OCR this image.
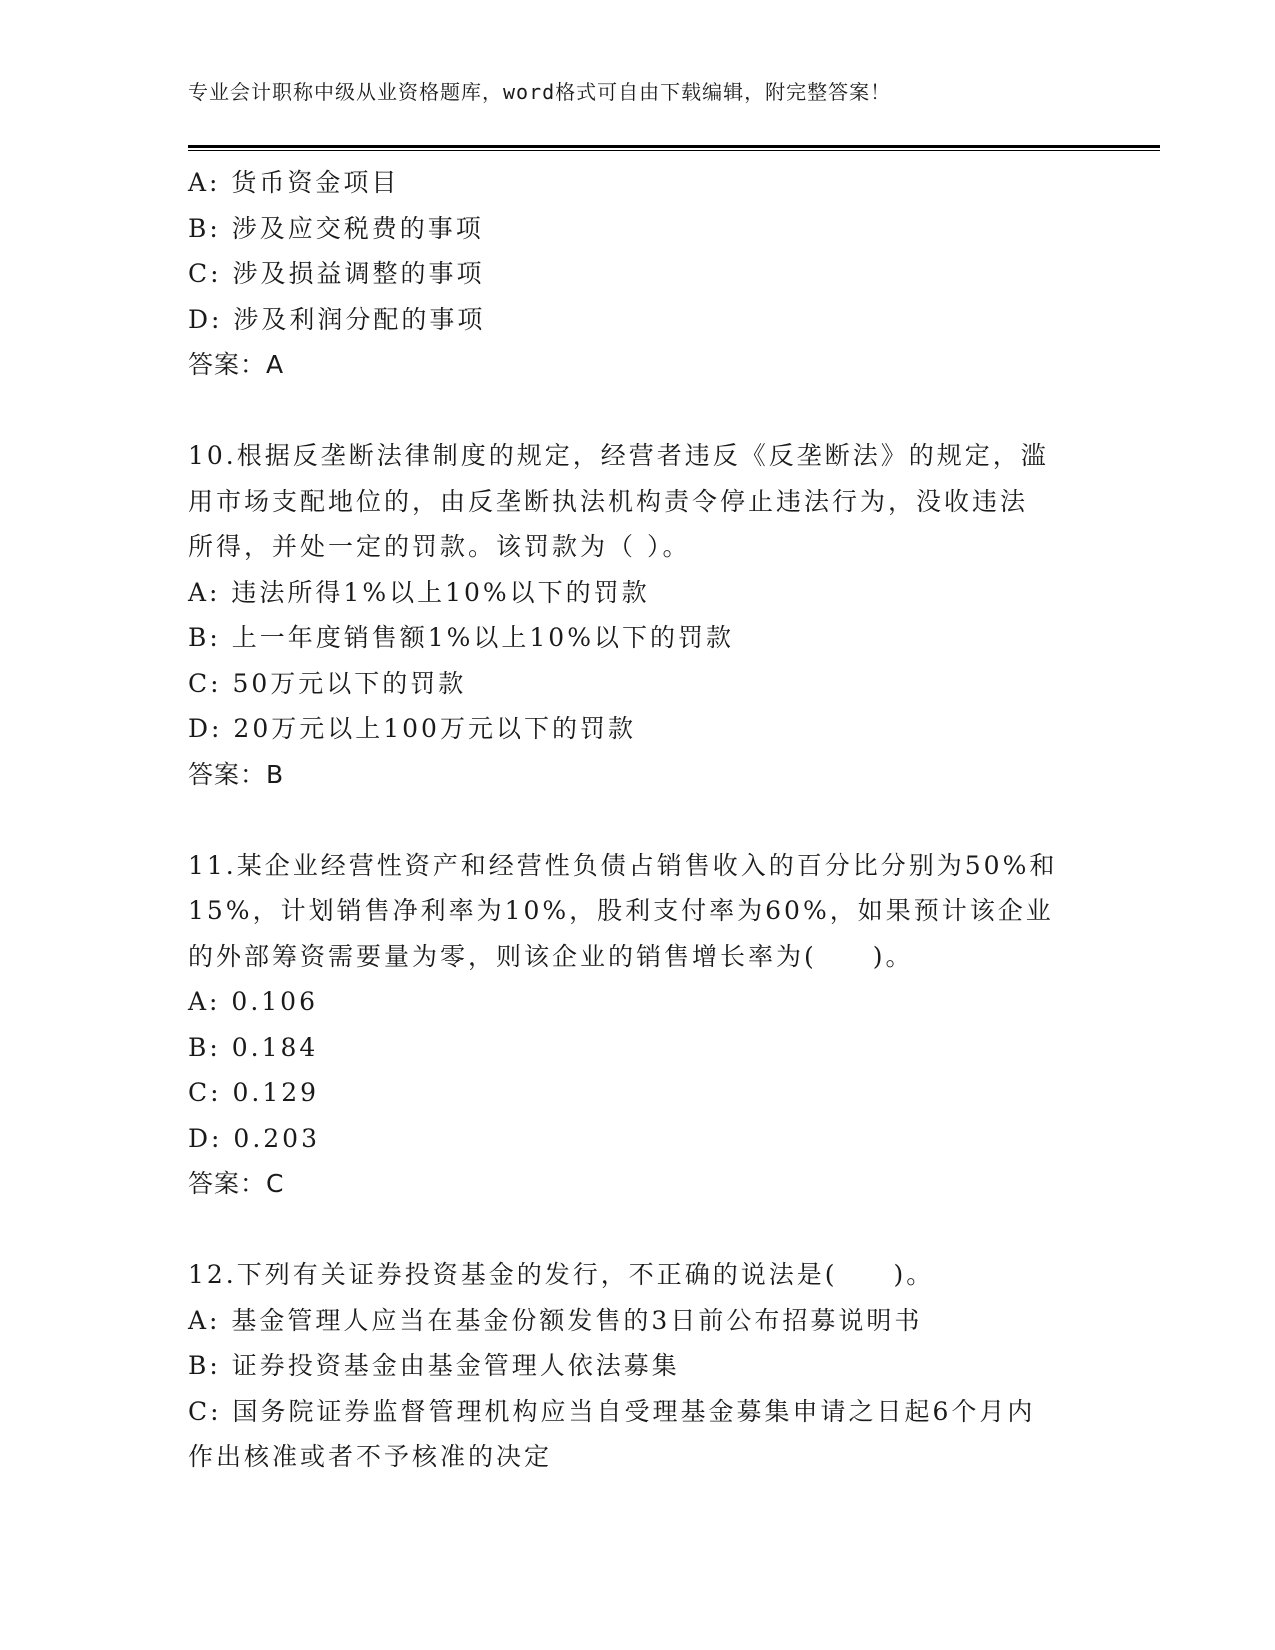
专业会计职称中级从业资格题库，word格式可自由下载编辑，附完整答案！
A: 货币资金项目
B: 涉及应交税费的事项
C: 涉及损益调整的事项
D: 涉及利润分配的事项
答案：A
10.根据反垄断法律制度的规定，经营者违反《反垄断法》的规定，滥
用市场支配地位的，由反垄断执法机构责令停止违法行为，没收违法
所得，并处一定的罚款。该罚款为（ ）。
A: 违法所得1%以上10%以下的罚款
B: 上一年度销售额1%以上10%以下的罚款
C: 50万元以下的罚款
D: 20万元以上100万元以下的罚款
答案：B
11.某企业经营性资产和经营性负债占销售收入的百分比分别为50%和
15%，计划销售净利率为10%，股利支付率为60%，如果预计该企业
的外部筹资需要量为零，则该企业的销售增长率为(　　)。
A: 0.106
B: 0.184
C: 0.129
D: 0.203
答案：C
12.下列有关证券投资基金的发行，不正确的说法是(　　)。
A: 基金管理人应当在基金份额发售的3日前公布招募说明书
B: 证券投资基金由基金管理人依法募集
C: 国务院证券监督管理机构应当自受理基金募集申请之日起6个月内
作出核准或者不予核准的决定
